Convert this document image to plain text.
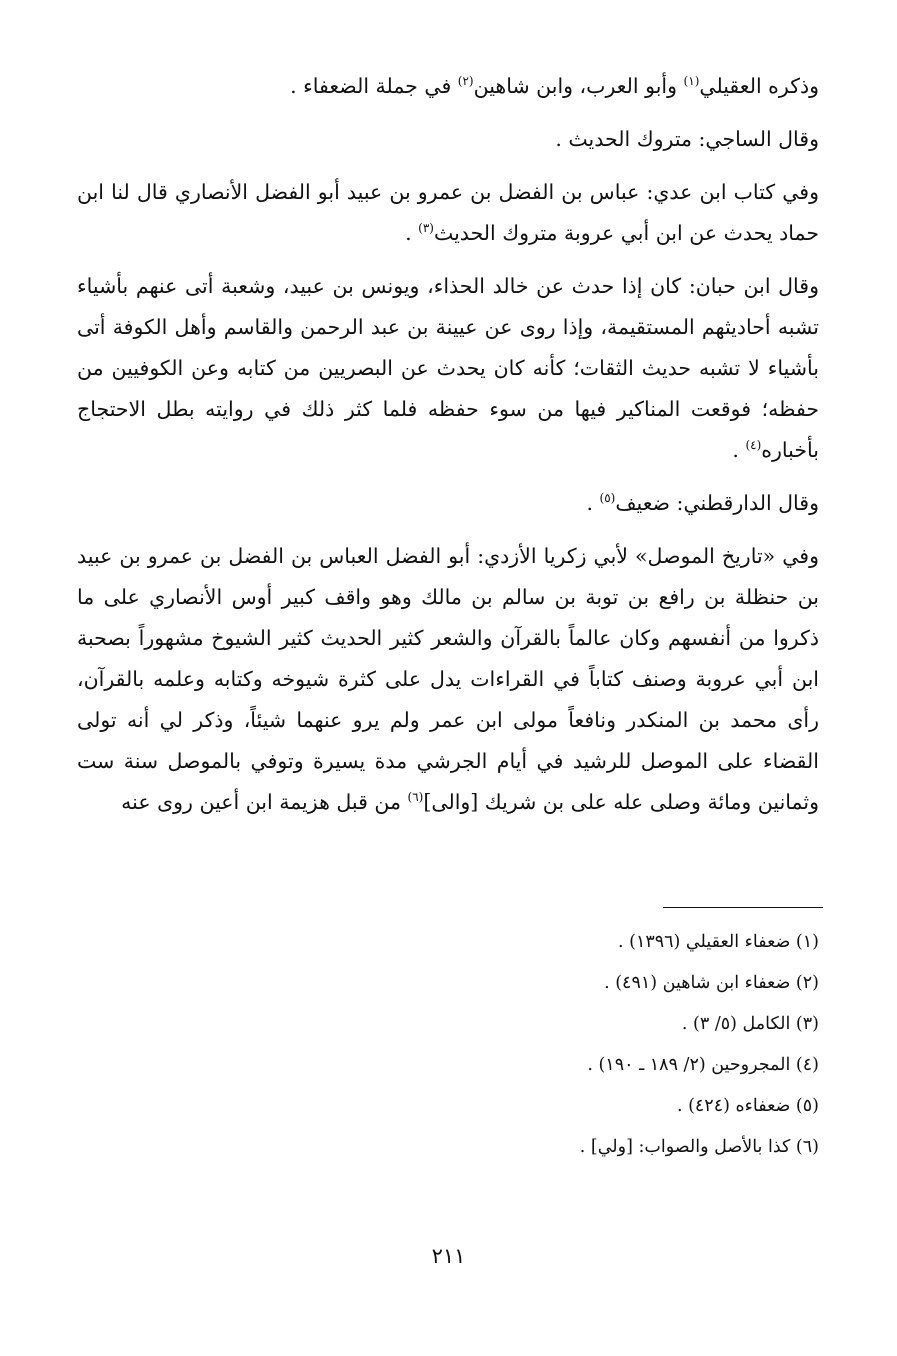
وذكره العقيلي$^{(١)}$ وأبو العرب، وابن شاهين$^{(٢)}$ في جملة الضعفاء .

وقال الساجي: متروك الحديث .

وفي كتاب ابن عدي: عباس بن الفضل بن عمرو بن عبيد أبو الفضل الأنصاري قال لنا ابن حماد يحدث عن ابن أبي عروبة متروك الحديث$^{(٣)}$ .

وقال ابن حبان: كان إذا حدث عن خالد الحذاء، ويونس بن عبيد، وشعبة أتى عنهم بأشياء تشبه أحاديثهم المستقيمة، وإذا روى عن عيينة بن عبد الرحمن والقاسم وأهل الكوفة أتى بأشياء لا تشبه حديث الثقات؛ كأنه كان يحدث عن البصريين من كتابه وعن الكوفيين من حفظه؛ فوقعت المناكير فيها من سوء حفظه فلما كثر ذلك في روايته بطل الاحتجاج بأخباره$^{(٤)}$ .

وقال الدارقطني: ضعيف$^{(٥)}$ .

وفي «تاريخ الموصل» لأبي زكريا الأزدي: أبو الفضل العباس بن الفضل بن عمرو بن عبيد بن حنظلة بن رافع بن توبة بن سالم بن مالك وهو واقف كبير أوس الأنصاري على ما ذكروا من أنفسهم وكان عالماً بالقرآن والشعر كثير الحديث كثير الشيوخ مشهوراً بصحبة ابن أبي عروبة وصنف كتاباً في القراءات يدل على كثرة شيوخه وكتابه وعلمه بالقرآن، رأى محمد بن المنكدر ونافعاً مولى ابن عمر ولم يرو عنهما شيئاً، وذكر لي أنه تولى القضاء على الموصل للرشيد في أيام الجرشي مدة يسيرة وتوفي بالموصل سنة ست وثمانين ومائة وصلى عله على بن شريك [والى]$^{(٦)}$ من قبل هزيمة ابن أعين روى عنه

(١) ضعفاء العقيلي (١٣٩٦) .
(٢) ضعفاء ابن شاهين (٤٩١) .
(٣) الكامل (٥/ ٣) .
(٤) المجروحين (٢/ ١٨٩ ـ ١٩٠) .
(٥) ضعفاءه (٤٢٤) .
(٦) كذا بالأصل والصواب: [ولي] .
٢١١
